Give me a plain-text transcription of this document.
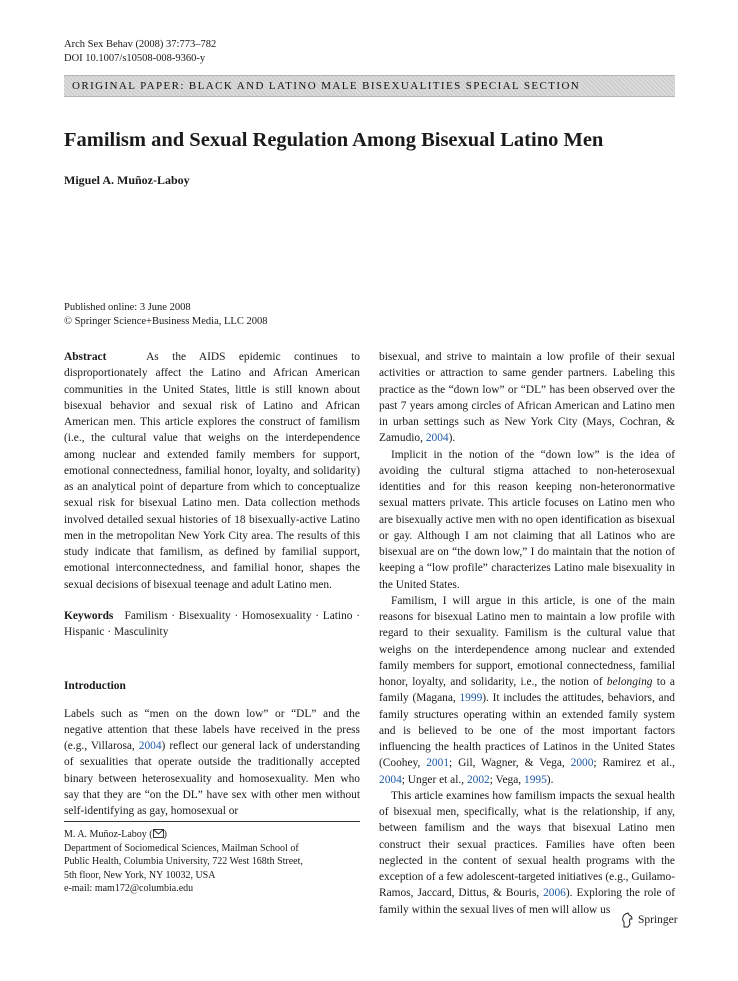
Arch Sex Behav (2008) 37:773–782
DOI 10.1007/s10508-008-9360-y
ORIGINAL PAPER: BLACK AND LATINO MALE BISEXUALITIES SPECIAL SECTION
Familism and Sexual Regulation Among Bisexual Latino Men
Miguel A. Muñoz-Laboy
Published online: 3 June 2008
© Springer Science+Business Media, LLC 2008

Abstract	As the AIDS epidemic continues to disproportionately affect the Latino and African American communities in the United States, little is still known about bisexual behavior and sexual risk of Latino and African American men. This article explores the construct of familism (i.e., the cultural value that weighs on the interdependence among nuclear and extended family members for support, emotional connectedness, familial honor, loyalty, and solidarity) as an analytical point of departure from which to conceptualize sexual risk for bisexual Latino men. Data collection methods involved detailed sexual histories of 18 bisexually-active Latino men in the metropolitan New York City area. The results of this study indicate that familism, as defined by familial support, emotional interconnectedness, and familial honor, shapes the sexual decisions of bisexual teenage and adult Latino men.

Keywords Familism · Bisexuality · Homosexuality · Latino · Hispanic · Masculinity

Introduction

Labels such as “men on the down low” or “DL” and the negative attention that these labels have received in the press (e.g., Villarosa, 2004) reflect our general lack of understanding of sexualities that operate outside the traditionally accepted binary between heterosexuality and homosexuality. Men who say that they are “on the DL” have sex with other men without self-identifying as gay, homosexual or

bisexual, and strive to maintain a low profile of their sexual activities or attraction to same gender partners. Labeling this practice as the “down low” or “DL” has been observed over the past 7 years among circles of African American and Latino men in urban settings such as New York City (Mays, Cochran, & Zamudio, 2004).

Implicit in the notion of the “down low” is the idea of avoiding the cultural stigma attached to non-heterosexual identities and for this reason keeping non-heteronormative sexual matters private. This article focuses on Latino men who are bisexually active men with no open identification as bisexual or gay. Although I am not claiming that all Latinos who are bisexual are on “the down low,” I do maintain that the notion of keeping a “low profile” characterizes Latino male bisexuality in the United States.

Familism, I will argue in this article, is one of the main reasons for bisexual Latino men to maintain a low profile with regard to their sexuality. Familism is the cultural value that weighs on the interdependence among nuclear and extended family members for support, emotional connectedness, familial honor, loyalty, and solidarity, i.e., the notion of belonging to a family (Magana, 1999). It includes the attitudes, behaviors, and family structures operating within an extended family system and is believed to be one of the most important factors influencing the health practices of Latinos in the United States (Coohey, 2001; Gil, Wagner, & Vega, 2000; Ramirez et al., 2004; Unger et al., 2002; Vega, 1995).

This article examines how familism impacts the sexual health of bisexual men, specifically, what is the relationship, if any, between familism and the ways that bisexual Latino men construct their sexual practices. Families have often been neglected in the content of sexual health programs with the exception of a few adolescent-targeted initiatives (e.g., Guilamo-Ramos, Jaccard, Dittus, & Bouris, 2006). Exploring the role of family within the sexual lives of men will allow us

M. A. Muñoz-Laboy ( )
Department of Sociomedical Sciences, Mailman School of
Public Health, Columbia University, 722 West 168th Street,
5th floor, New York, NY 10032, USA
e-mail: mam172@columbia.edu
Springer
